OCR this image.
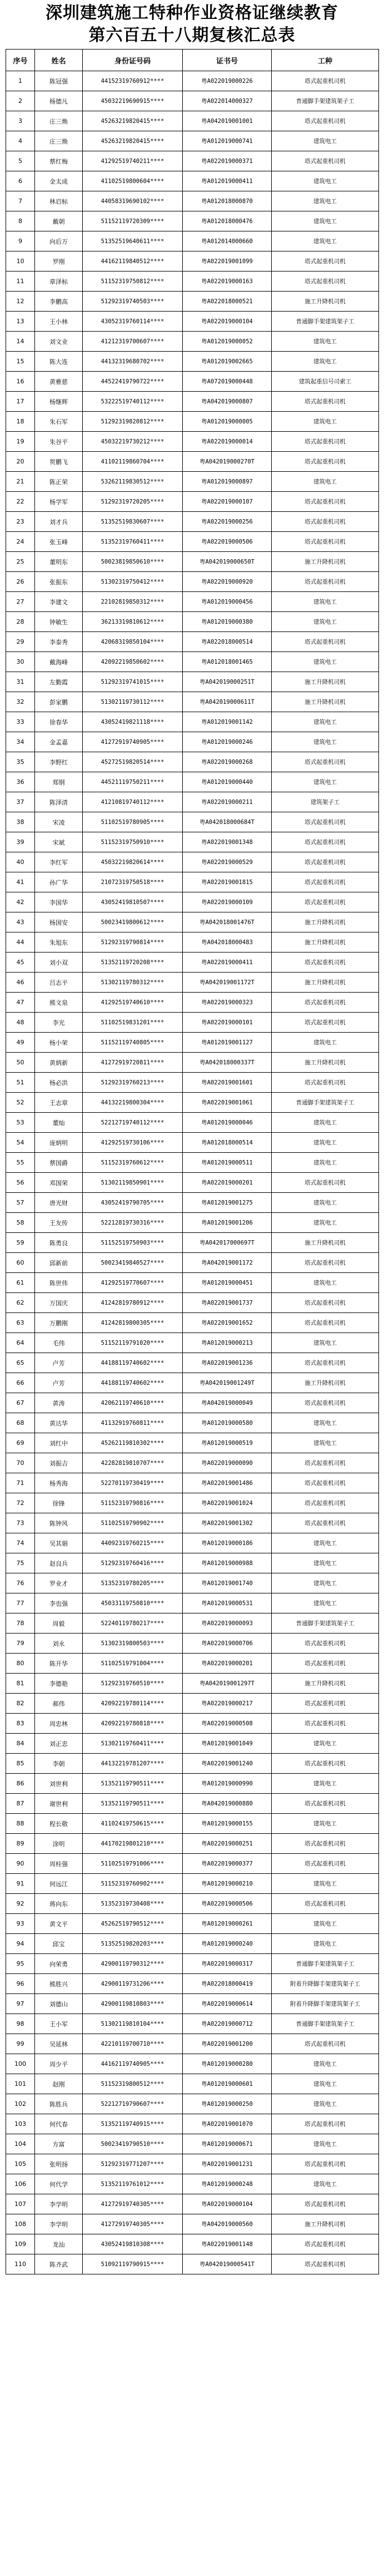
深圳建筑施工特种作业资格证继续教育
第六百五十八期复核汇总表
序号	姓名	身份证号码	证书号	工种
1	陈冠强	44152319760912****	粤A022019000226	塔式起重机司机
2	杨德凡	45032219690915****	粤A022014000327	普通脚手架建筑架子工
3	庄三焕	45263219820415****	粤A042019001001	塔式起重机司机
4	庄三焕	45263219820415****	粤A012019000741	建筑电工
5	蔡红梅	41292519740211****	粤A022019000371	塔式起重机司机
6	金太成	41102519800604****	粤A012019000411	建筑电工
7	林启标	44058319690102****	粤A012018000870	建筑电工
8	戴朝	51152119720309****	粤A012018000476	建筑电工
9	向后万	51352519640611****	粤A012014000660	建筑电工
10	罗刚	44162119840512****	粤A022019001099	塔式起重机司机
11	章泽标	51152319750812****	粤A022019000163	塔式起重机司机
12	李鹏高	51292319740503****	粤A022018000521	施工升降机司机
13	王小林	43052319760114****	粤A022019000104	普通脚手架建筑架子工
14	刘文业	41212319700607****	粤A012019000052	建筑电工
15	陈大连	44132319680702****	粤A012019002665	建筑电工
16	黄雅慈	44522419790722****	粤A072019000448	建筑起重信号司索工
17	杨继辉	53222519740112****	粤A042019000807	塔式起重机司机
18	朱石军	51292319820812****	粤A012019000005	建筑电工
19	朱谷平	45032219730212****	粤A022019000014	塔式起重机司机
20	贺鹏飞	41102119860704****	粤A042019000270T	塔式起重机司机
21	陈正荣	53262119830512****	粤A012019000897	建筑电工
22	杨学军	51292319720205****	粤A022019000107	塔式起重机司机
23	刘才兵	51352519830607****	粤A022019000256	塔式起重机司机
24	张玉峰	51352319760411****	粤A022019000506	塔式起重机司机
25	董明东	50023819850610****	粤A042019000650T	施工升降机司机
26	张振东	51302319750412****	粤A022019000920	塔式起重机司机
27	李建文	22102819850312****	粤A012019000456	建筑电工
28	钟敏生	36213319810612****	粤A012019000380	建筑电工
29	李泰秀	42068319850104****	粤A022018000514	塔式起重机司机
30	戴海峰	42092219850602****	粤A012018001465	建筑电工
31	左勤霞	51292319741015****	粤A042019000251T	施工升降机司机
32	彭家鹏	51302119730112****	粤A042019000611T	施工升降机司机
33	徐春华	43052419821118****	粤A012019001142	建筑电工
34	金孟嘉	41272919740905****	粤A012019000246	建筑电工
35	李野红	45272519820514****	粤A022019000268	塔式起重机司机
36	郑钢	44521119750211****	粤A012019000440	建筑电工
37	陈泽清	41210819740112****	粤A022019000211	建筑架子工
38	宋凌	51102519780905****	粤A042018000684T	塔式起重机司机
39	宋斌	51152319750910****	粤A022019001348	塔式起重机司机
40	李红军	45032219820614****	粤A022019000529	塔式起重机司机
41	孙广华	21072319750518****	粤A022019001815	塔式起重机司机
42	李国华	43052419810507****	粤A022019000109	塔式起重机司机
43	杨国安	50023419800612****	粤A042018001476T	施工升降机司机
44	朱旭东	51292319790814****	粤A042018000483	施工升降机司机
45	刘小双	51352119720208****	粤A022019000411	塔式起重机司机
46	吕志平	51302119780312****	粤A042019001172T	施工升降机司机
47	熊文泉	41292519740610****	粤A022019000323	塔式起重机司机
48	李光	51102519831201****	粤A022019000101	塔式起重机司机
49	杨小荣	51152119740805****	粤A012019001127	建筑电工
50	黄炳新	41272919720811****	粤A042018000337T	施工升降机司机
51	杨必洪	51292319760213****	粤A022019001601	塔式起重机司机
52	王志章	44132219800304****	粤A022019001061	普通脚手架建筑架子工
53	董灿	52212719740112****	粤A012019000046	建筑电工
54	庞炳明	41292519730106****	粤A012018000514	建筑电工
55	蔡国爵	51152319760612****	粤A012019000511	建筑电工
56	邓国荣	51302119850901****	粤A022019000201	塔式起重机司机
57	唐光财	43052419790705****	粤A012019001275	建筑电工
58	王友传	52212819730316****	粤A012019001206	建筑电工
59	陈勇良	51152519750903****	粤A042017000697T	施工升降机司机
60	邱新前	50023419840527****	粤A042019001172	塔式起重机司机
61	陈世伟	41292519770607****	粤A012019000451	建筑电工
62	万国庆	41242819780912****	粤A022019001737	塔式起重机司机
63	万鹏刚	41242819800305****	粤A022019001652	塔式起重机司机
64	毛伟	51152119791020****	粤A012019000213	建筑电工
65	卢芳	44188119740602****	粤A022019001236	塔式起重机司机
66	卢芳	44188119740602****	粤A042019001249T	施工升降机司机
67	黄涛	42062119740610****	粤A042019000049	塔式起重机司机
68	黄达华	41132919760811****	粤A012019000580	建筑电工
69	刘红中	45262119810302****	粤A012019000519	建筑电工
70	刘振吉	42282819810707****	粤A022019000090	塔式起重机司机
71	杨秀海	52270119730419****	粤A022019001486	塔式起重机司机
72	徐锋	51152319790816****	粤A022019001024	塔式起重机司机
73	陈钟风	51102519790902****	粤A022019001302	塔式起重机司机
74	吴其娟	44092319760215****	粤A012019000186	建筑电工
75	赵良兵	51292319760416****	粤A012019000988	建筑电工
76	罗业才	51352319780205****	粤A012019001740	建筑电工
77	李也强	45033119750810****	粤A012019000531	建筑电工
78	周毅	52240119780217****	粤A022019000093	普通脚手架建筑架子工
79	刘永	51302319800503****	粤A022019000706	塔式起重机司机
80	陈开华	51102519791004****	粤A022019000201	塔式起重机司机
81	李德艳	51292319760510****	粤A042019001297T	施工升降机司机
82	郝伟	42092219780114****	粤A022019000217	塔式起重机司机
83	周忠林	42092219780818****	粤A022019000508	塔式起重机司机
84	刘正忠	51302119760411****	粤A012019001049	建筑电工
85	李朝	44132219781207****	粤A022019001240	塔式起重机司机
86	刘世利	51352119790511****	粤A012019000990	建筑电工
87	谢世利	51352119790511****	粤A042019000880	塔式起重机司机
88	程长敬	41102419750615****	粤A012019000155	建筑电工
89	涂明	44170219801210****	粤A022019000251	塔式起重机司机
90	周桂强	51102519791006****	粤A022019000377	塔式起重机司机
91	何远江	51152319760902****	粤A012019000210	建筑电工
92	蒋向东	51352319730408****	粤A022019000506	塔式起重机司机
93	黄文平	45262519790512****	粤A012019000261	建筑电工
94	邱宝	51352519820203****	粤A012019000240	建筑电工
95	向荣勇	42900119790312****	粤A022019000317	普通脚手架建筑架子工
96	熊胜兴	42900119731206****	粤A022018000419	附着升降脚手架建筑架子工
97	刘德山	42900119810803****	粤A022019000614	附着升降脚手架建筑架子工
98	王小军	51302119810104****	粤A022019000712	普通脚手架建筑架子工
99	吴延林	42210119700710****	粤A022019001200	塔式起重机司机
100	周少平	44162119740905****	粤A012019000280	建筑电工
101	赵刚	51152319800512****	粤A012019000601	建筑电工
102	陈胜兵	52212719790607****	粤A012019000250	建筑电工
103	何代春	51352119740915****	粤A022019001070	塔式起重机司机
104	方富	50023419790510****	粤A012019000671	建筑电工
105	张明扬	51292319771207****	粤A022019001231	塔式起重机司机
106	何代学	51352119761012****	粤A012019000248	建筑电工
107	李学明	41272919740305****	粤A022019000104	塔式起重机司机
108	李学明	41272919740305****	粤A042019000560	施工升降机司机
109	龙汕	43052419810308****	粤A022019001148	塔式起重机司机
110	陈齐武	51092119790915****	粤A042019000541T	塔式起重机司机
